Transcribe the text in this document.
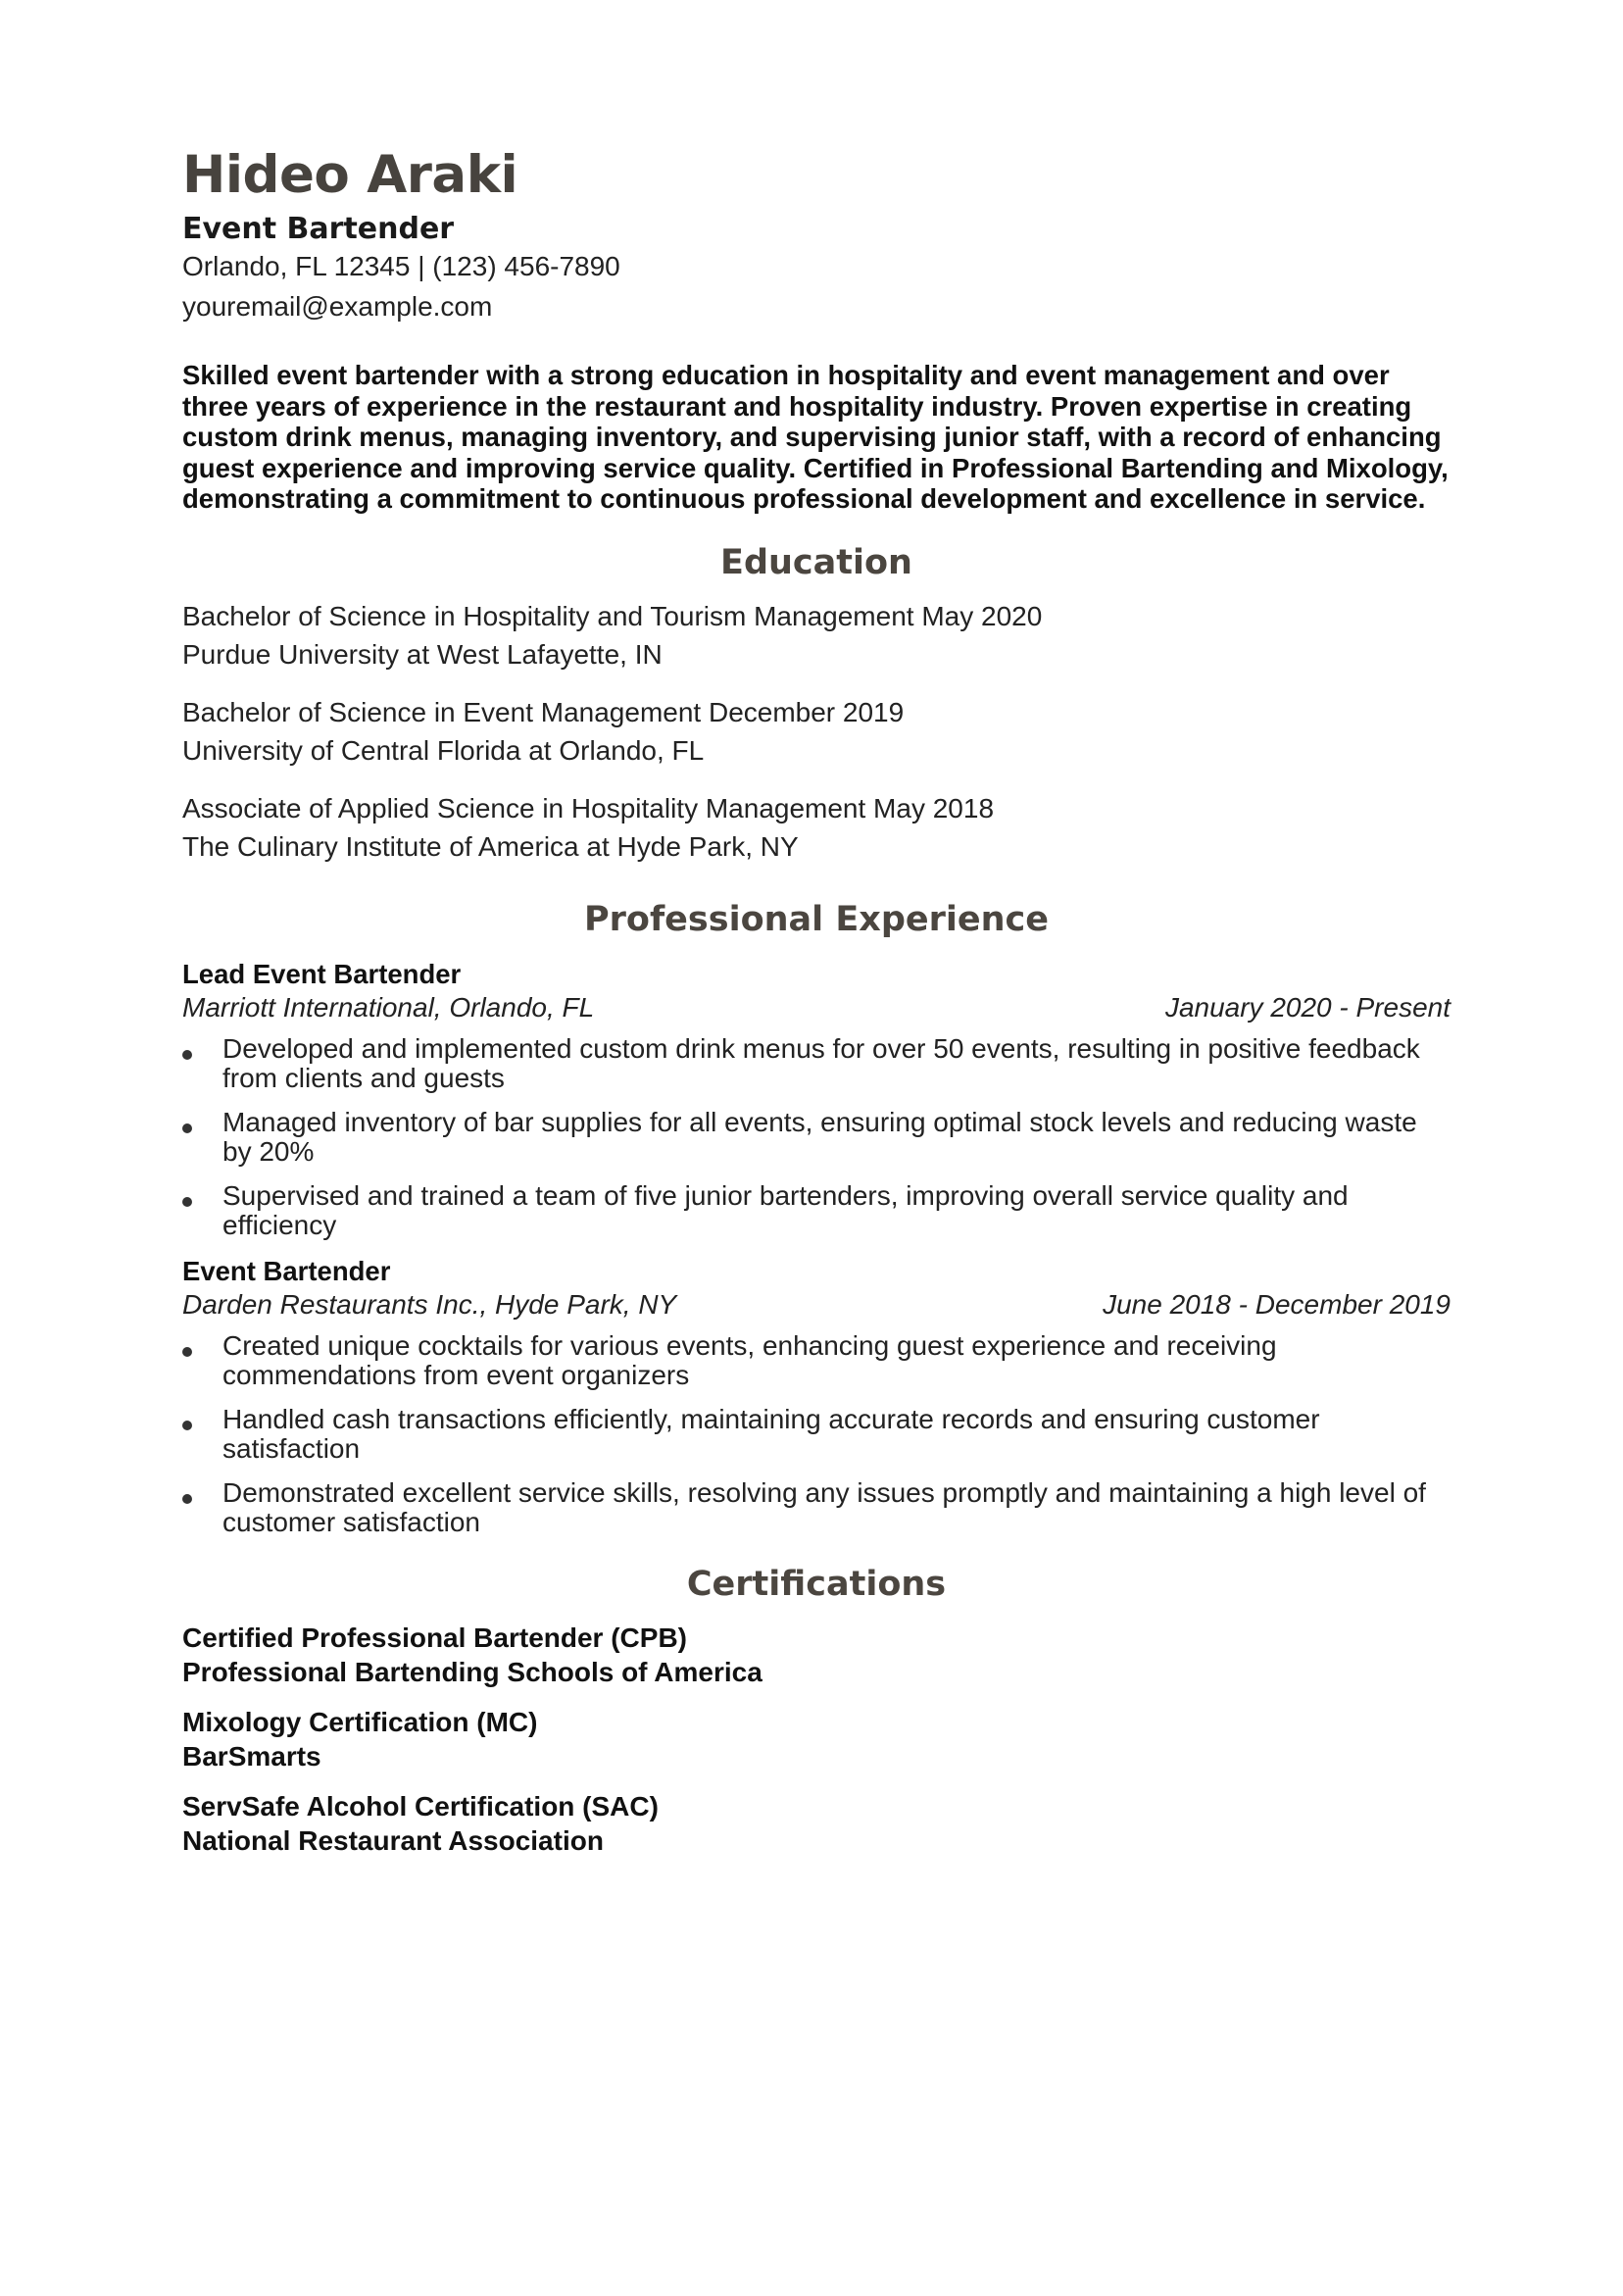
Hideo Araki
Event Bartender
Orlando, FL 12345 | (123) 456-7890
youremail@example.com
Skilled event bartender with a strong education in hospitality and event management and over three years of experience in the restaurant and hospitality industry. Proven expertise in creating custom drink menus, managing inventory, and supervising junior staff, with a record of enhancing guest experience and improving service quality. Certified in Professional Bartending and Mixology, demonstrating a commitment to continuous professional development and excellence in service.
Education
Bachelor of Science in Hospitality and Tourism Management May 2020
Purdue University at West Lafayette, IN
Bachelor of Science in Event Management December 2019
University of Central Florida at Orlando, FL
Associate of Applied Science in Hospitality Management May 2018
The Culinary Institute of America at Hyde Park, NY
Professional Experience
Lead Event Bartender
Marriott International, Orlando, FL	January 2020 - Present
Developed and implemented custom drink menus for over 50 events, resulting in positive feedback from clients and guests
Managed inventory of bar supplies for all events, ensuring optimal stock levels and reducing waste by 20%
Supervised and trained a team of five junior bartenders, improving overall service quality and efficiency
Event Bartender
Darden Restaurants Inc., Hyde Park, NY	June 2018 - December 2019
Created unique cocktails for various events, enhancing guest experience and receiving commendations from event organizers
Handled cash transactions efficiently, maintaining accurate records and ensuring customer satisfaction
Demonstrated excellent service skills, resolving any issues promptly and maintaining a high level of customer satisfaction
Certifications
Certified Professional Bartender (CPB)
Professional Bartending Schools of America
Mixology Certification (MC)
BarSmarts
ServSafe Alcohol Certification (SAC)
National Restaurant Association
